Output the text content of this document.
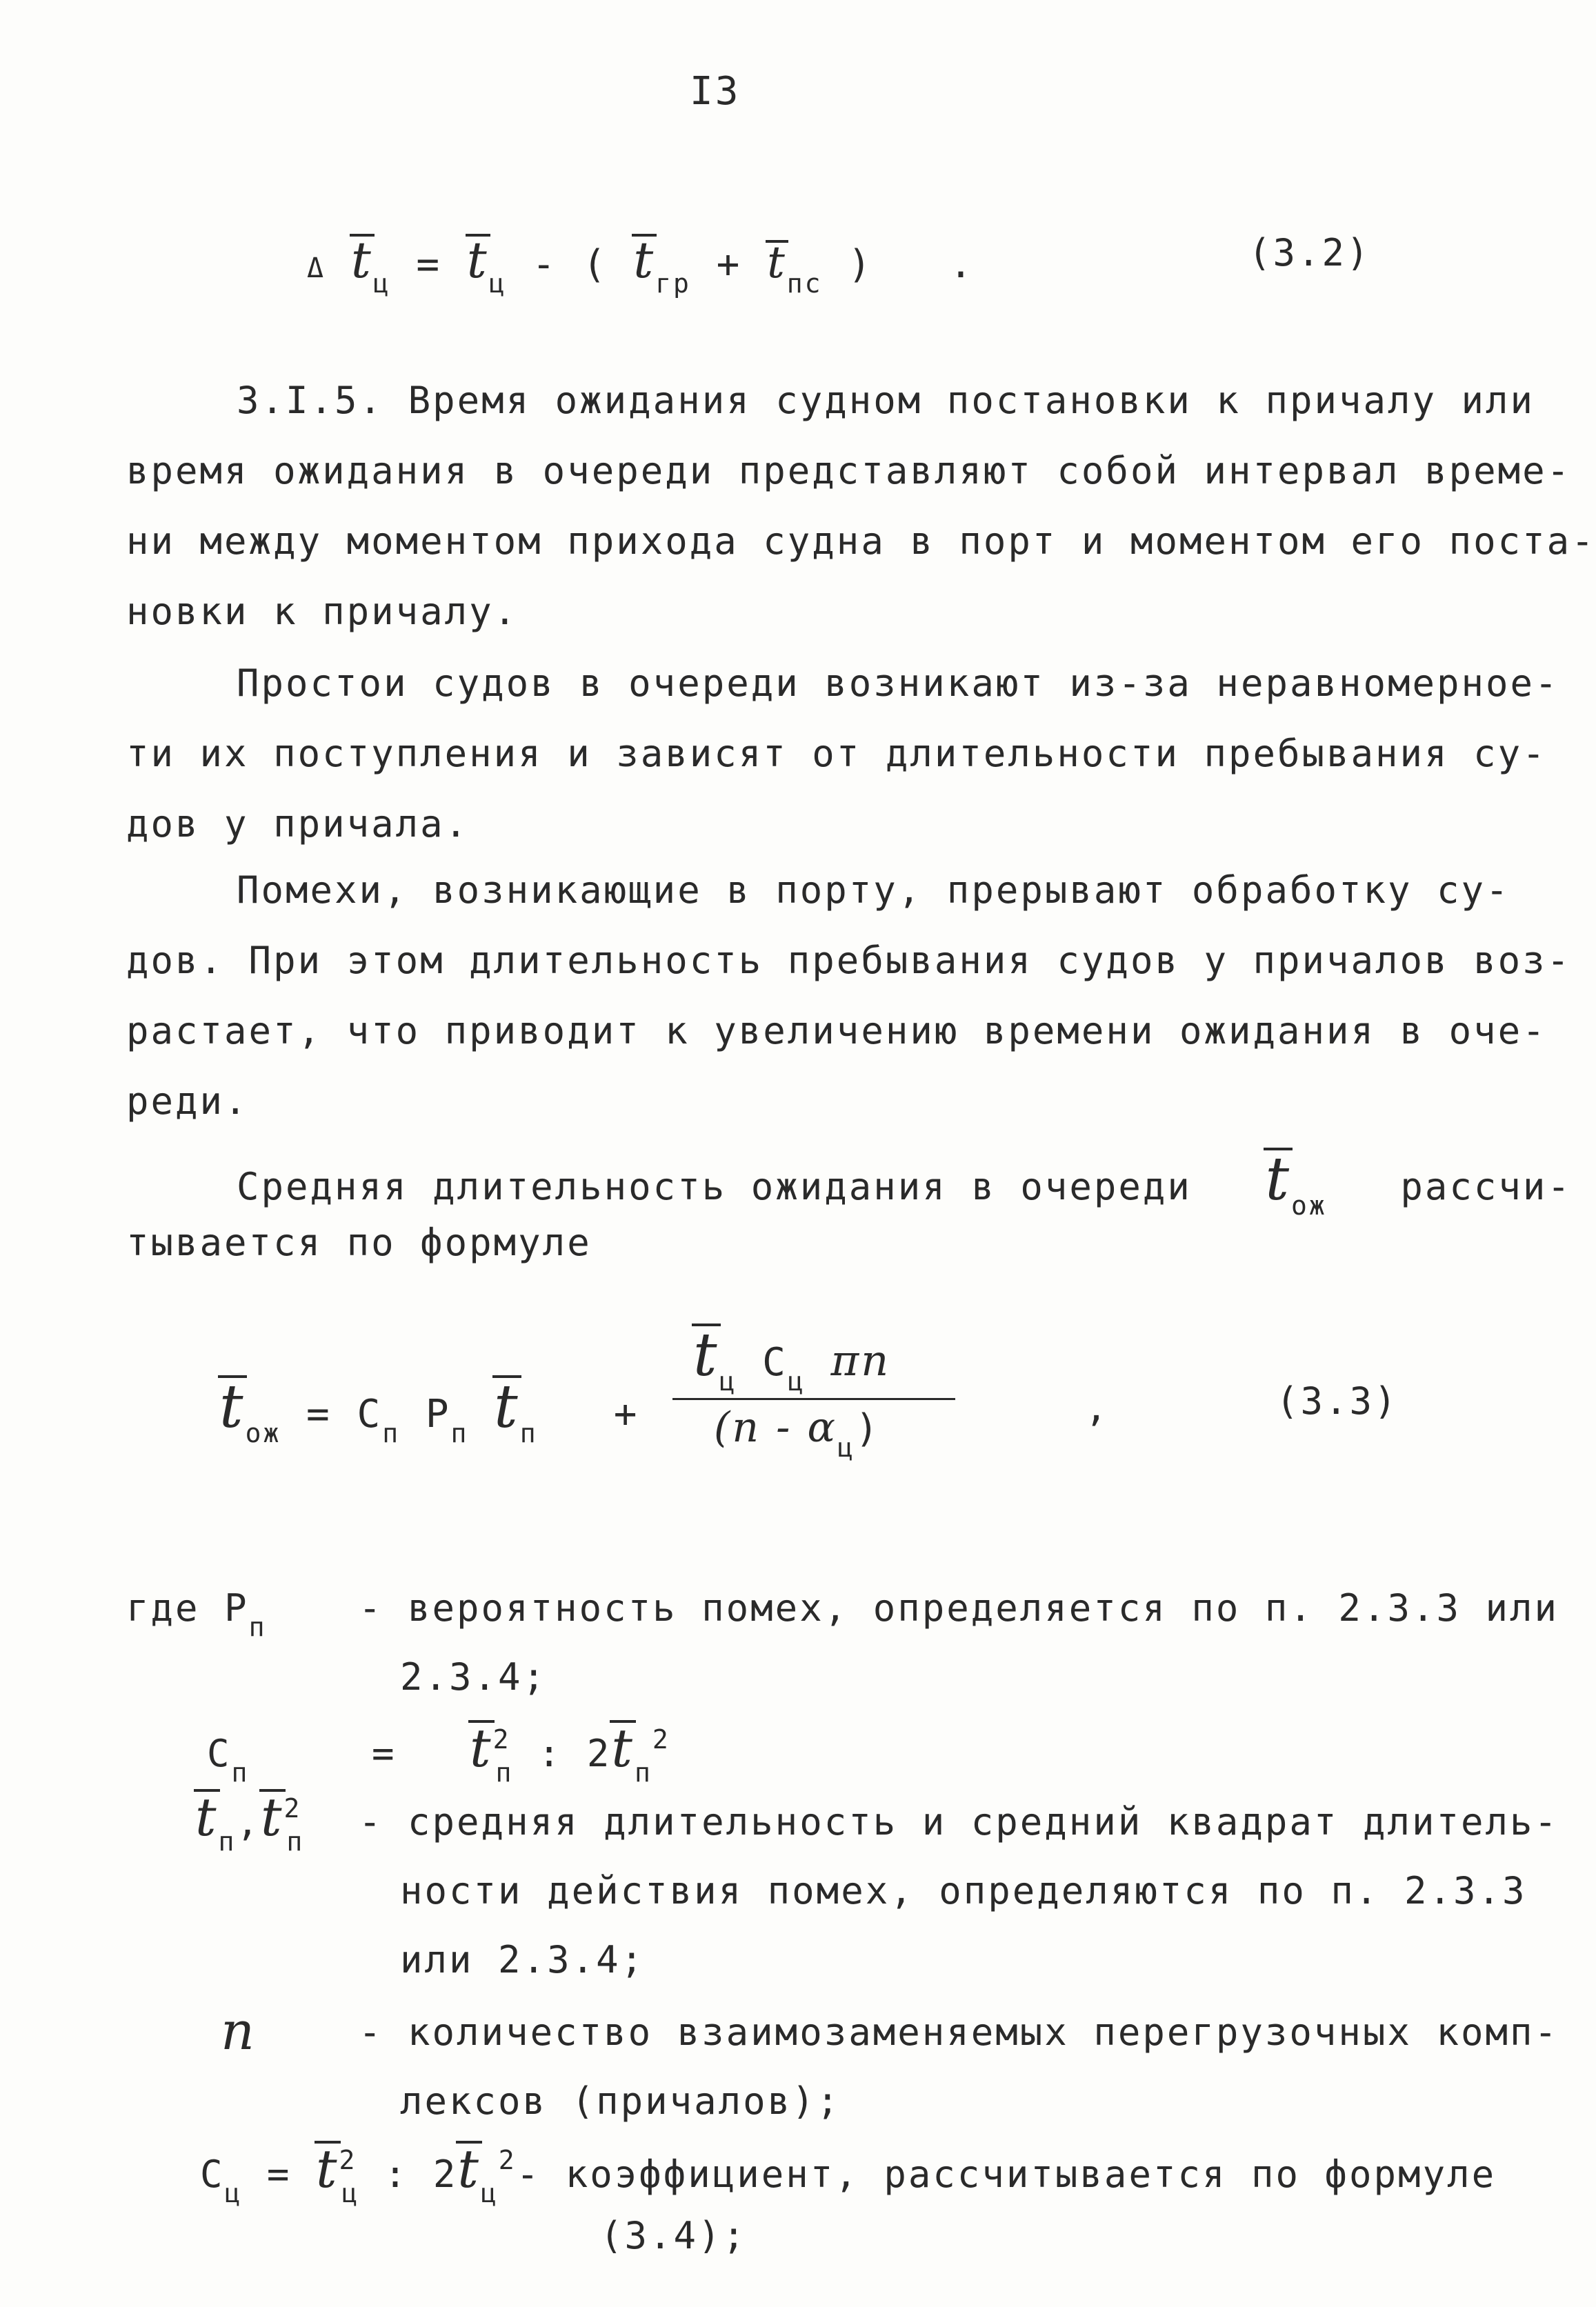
I3
Δ $t_ц = t_ц$ - ( $t_{гр} + t_{пс}$ ) .	(3.2)
3.I.5. Время ожидания судном постановки к причалу или
время ожидания в очереди представляют собой интервал време-
ни между моментом прихода судна в порт и моментом его поста-
новки к причалу.
Простои судов в очереди возникают из-за неравномерное-
ти их поступления и зависят от длительности пребывания су-
дов у причала.
Помехи, возникающие в порту, прерывают обработку су-
дов. При этом длительность пребывания судов у причалов воз-
растает, что приводит к увеличению времени ожидания в оче-
реди.
Средняя длительность ожидания в очереди $t_{ож}$ рассчи-
тывается по формуле
$t_{ож} = C_п$ $P_п$ $t_п$ +
$t_ц$ $C_ц$ πn
$(n - \alpha_ц)$	,	(3.3)
где $P_п$ - вероятность помех, определяется по п. 2.3.3 или
2.3.4;
$C_п$	= $t^2_п$ : $2t_п^2$
$t_п,t^2_п$ - средняя длительность и средний квадрат длитель-
ности действия помех, определяются по п. 2.3.3
или 2.3.4;
n	- количество взаимозаменяемых перегрузочных комп-
лексов (причалов);
$C_ц = t^2_ц$ : $2t_ц^2-$ коэффициент, рассчитывается по формуле
(3.4);
